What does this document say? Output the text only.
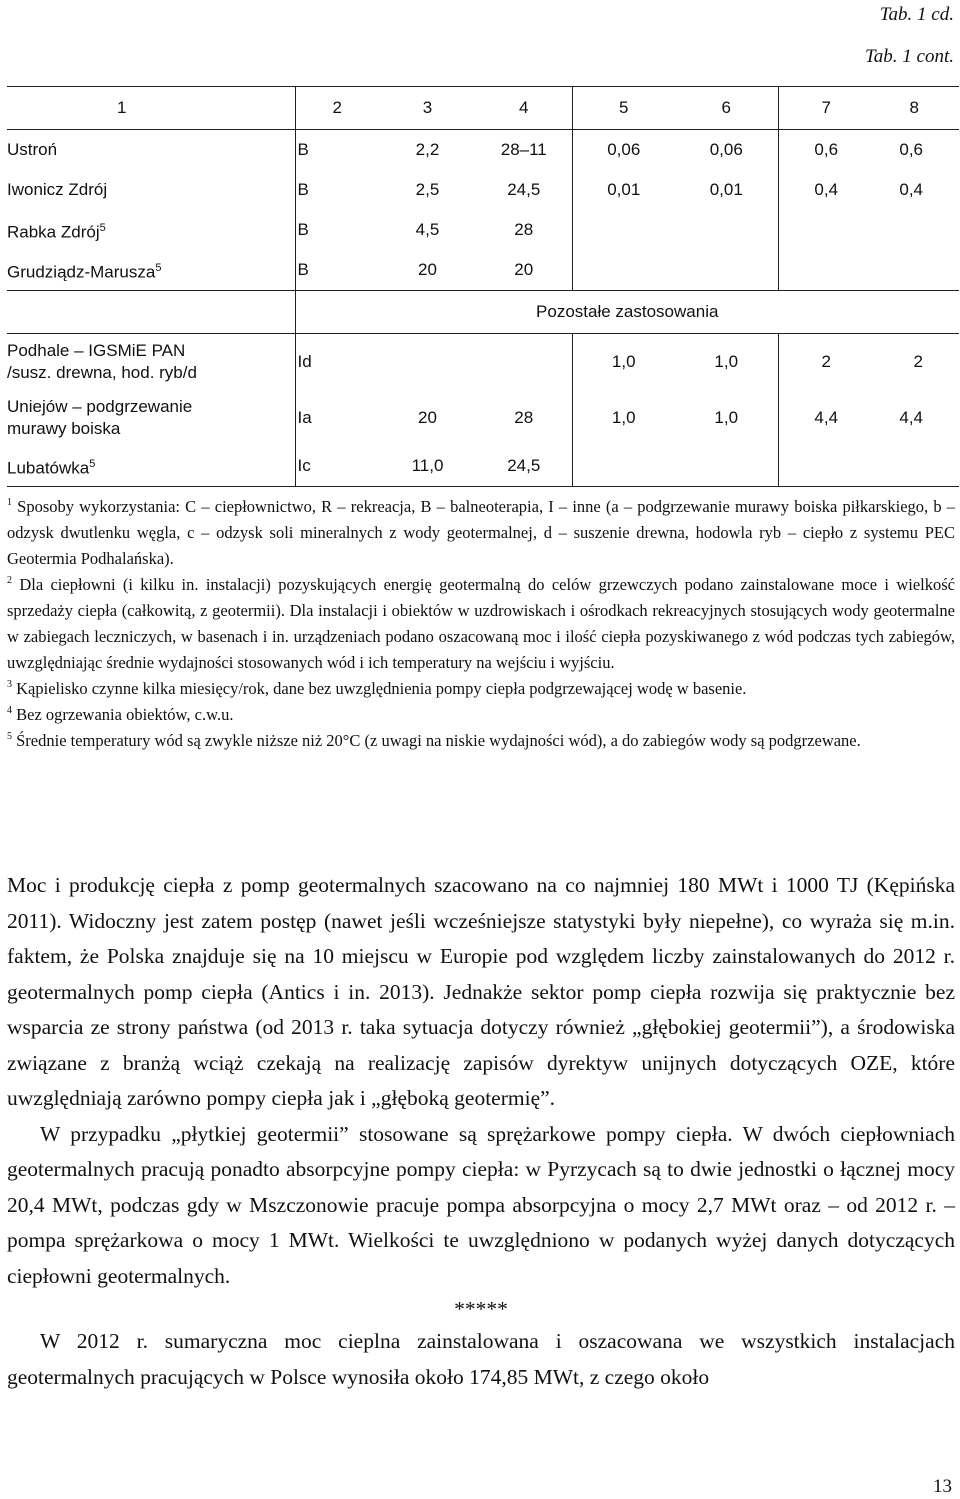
Tab. 1 cd.
Tab. 1 cont.
1	2	3	4	5	6	7	8
Ustroń	B	2,2	28–11	0,06	0,06	0,6	0,6
Iwonicz Zdrój	B	2,5	24,5	0,01	0,01	0,4	0,4
Rabka Zdrój$^5$	B	4,5	28				
Grudziądz-Marusza$^5$	B	20	20				
	Pozostałe zastosowania						
Podhale – IGSMiE PAN
/susz. drewna, hod. ryb/d	Id			1,0	1,0	2	2
Uniejów – podgrzewanie
murawy boiska	Ia	20	28	1,0	1,0	4,4	4,4
Lubatówka$^5$	Ic	11,0	24,5				

$^1$ Sposoby wykorzystania: C – ciepłownictwo, R – rekreacja, B – balneoterapia, I – inne (a – podgrzewanie murawy boiska piłkarskiego, b – odzysk dwutlenku węgla, c – odzysk soli mineralnych z wody geotermalnej, d – suszenie drewna, hodowla ryb – ciepło z systemu PEC Geotermia Podhalańska).

$^2$ Dla ciepłowni (i kilku in. instalacji) pozyskujących energię geotermalną do celów grzewczych podano zainstalowane moce i wielkość sprzedaży ciepła (całkowitą, z geotermii). Dla instalacji i obiektów w uzdrowiskach i ośrodkach rekreacyjnych stosujących wody geotermalne w zabiegach leczniczych, w basenach i in. urządzeniach podano oszacowaną moc i ilość ciepła pozyskiwanego z wód podczas tych zabiegów, uwzględniając średnie wydajności stosowanych wód i ich temperatury na wejściu i wyjściu.

$^3$ Kąpielisko czynne kilka miesięcy/rok, dane bez uwzględnienia pompy ciepła podgrzewającej wodę w basenie.

$^4$ Bez ogrzewania obiektów, c.w.u.

$^5$ Średnie temperatury wód są zwykle niższe niż 20°C (z uwagi na niskie wydajności wód), a do zabiegów wody są podgrzewane.

Moc i produkcję ciepła z pomp geotermalnych szacowano na co najmniej 180 MWt i 1000 TJ (Kępińska 2011). Widoczny jest zatem postęp (nawet jeśli wcześniejsze statystyki były niepełne), co wyraża się m.in. faktem, że Polska znajduje się na 10 miejscu w Europie pod względem liczby zainstalowanych do 2012 r. geotermalnych pomp ciepła (Antics i in. 2013). Jednakże sektor pomp ciepła rozwija się praktycznie bez wsparcia ze strony państwa (od 2013 r. taka sytuacja dotyczy również „głębokiej geotermii”), a środowiska związane z branżą wciąż czekają na realizację zapisów dyrektyw unijnych dotyczących OZE, które uwzględniają zarówno pompy ciepła jak i „głęboką geotermię”.

W przypadku „płytkiej geotermii” stosowane są sprężarkowe pompy ciepła. W dwóch ciepłowniach geotermalnych pracują ponadto absorpcyjne pompy ciepła: w Pyrzycach są to dwie jednostki o łącznej mocy 20,4 MWt, podczas gdy w Mszczonowie pracuje pompa absorpcyjna o mocy 2,7 MWt oraz – od 2012 r. – pompa sprężarkowa o mocy 1 MWt. Wielkości te uwzględniono w podanych wyżej danych dotyczących ciepłowni geotermalnych.

*****

W 2012 r. sumaryczna moc cieplna zainstalowana i oszacowana we wszystkich instalacjach geotermalnych pracujących w Polsce wynosiła około 174,85 MWt, z czego około

13
